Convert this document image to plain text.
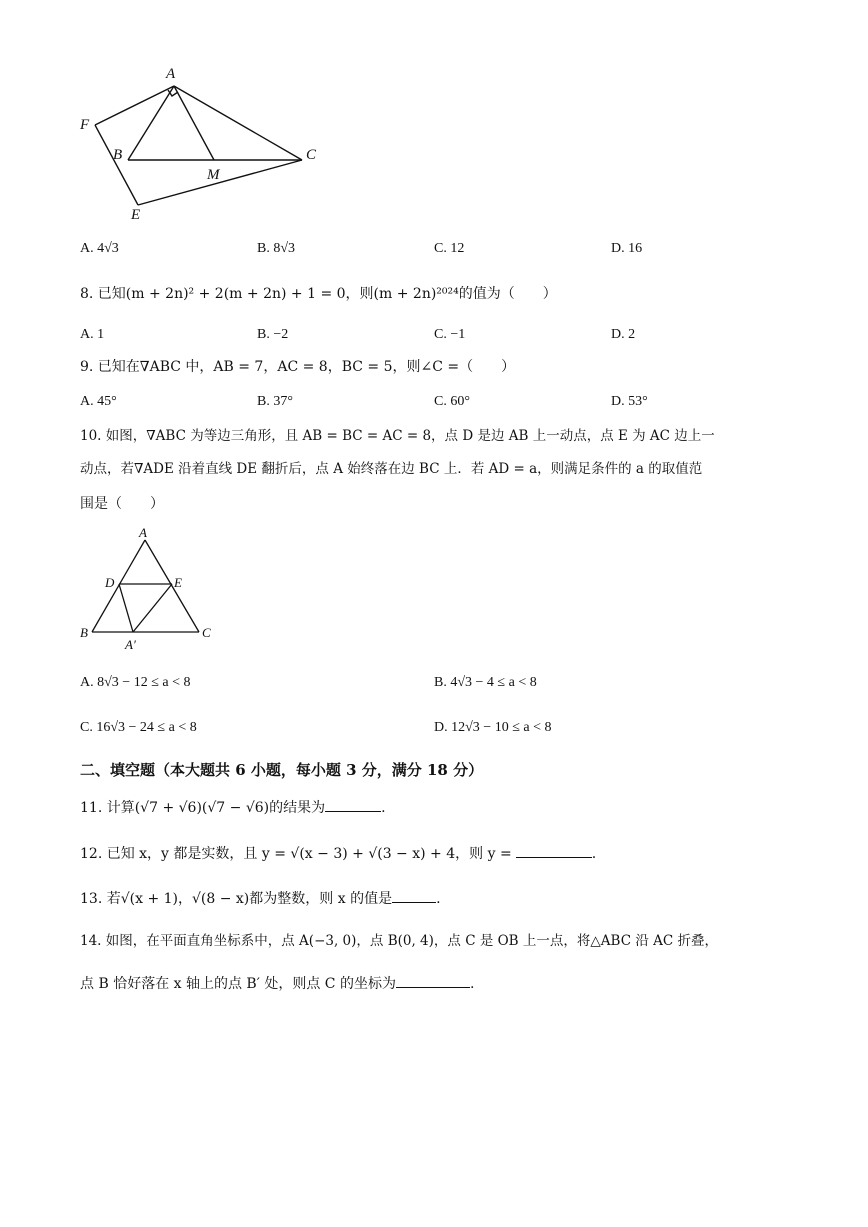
A
F
B	C
M
E
A. 4√3	B. 8√3	C. 12	D. 16
8. 已知(m + 2n)² + 2(m + 2n) + 1 = 0，则(m + 2n)²⁰²⁴的值为（　　）
A. 1	B. −2	C. −1	D. 2
9. 已知在∇ABC 中，AB = 7，AC = 8，BC = 5，则∠C =（　　）
A. 45°	B. 37°	C. 60°	D. 53°
10. 如图，∇ABC 为等边三角形，且 AB = BC = AC = 8，点 D 是边 AB 上一动点，点 E 为 AC 边上一
动点，若∇ADE 沿着直线 DE 翻折后，点 A 始终落在边 BC 上．若 AD = a，则满足条件的 a 的取值范
围是（　　）
A
D	E
B	C
A′
A. 8√3 − 12 ≤ a < 8	B. 4√3 − 4 ≤ a < 8
C. 16√3 − 24 ≤ a < 8	D. 12√3 − 10 ≤ a < 8
二、填空题（本大题共 6 小题，每小题 3 分，满分 18 分）
11. 计算(√7 + √6)(√7 − √6)的结果为	.
12. 已知 x，y 都是实数，且 y = √(x − 3) + √(3 − x) + 4，则 y =	.
13. 若√(x + 1)，√(8 − x)都为整数，则 x 的值是	.
14. 如图，在平面直角坐标系中，点 A(−3, 0)，点 B(0, 4)，点 C 是 OB 上一点，将△ABC 沿 AC 折叠，
点 B 恰好落在 x 轴上的点 B′ 处，则点 C 的坐标为	.
